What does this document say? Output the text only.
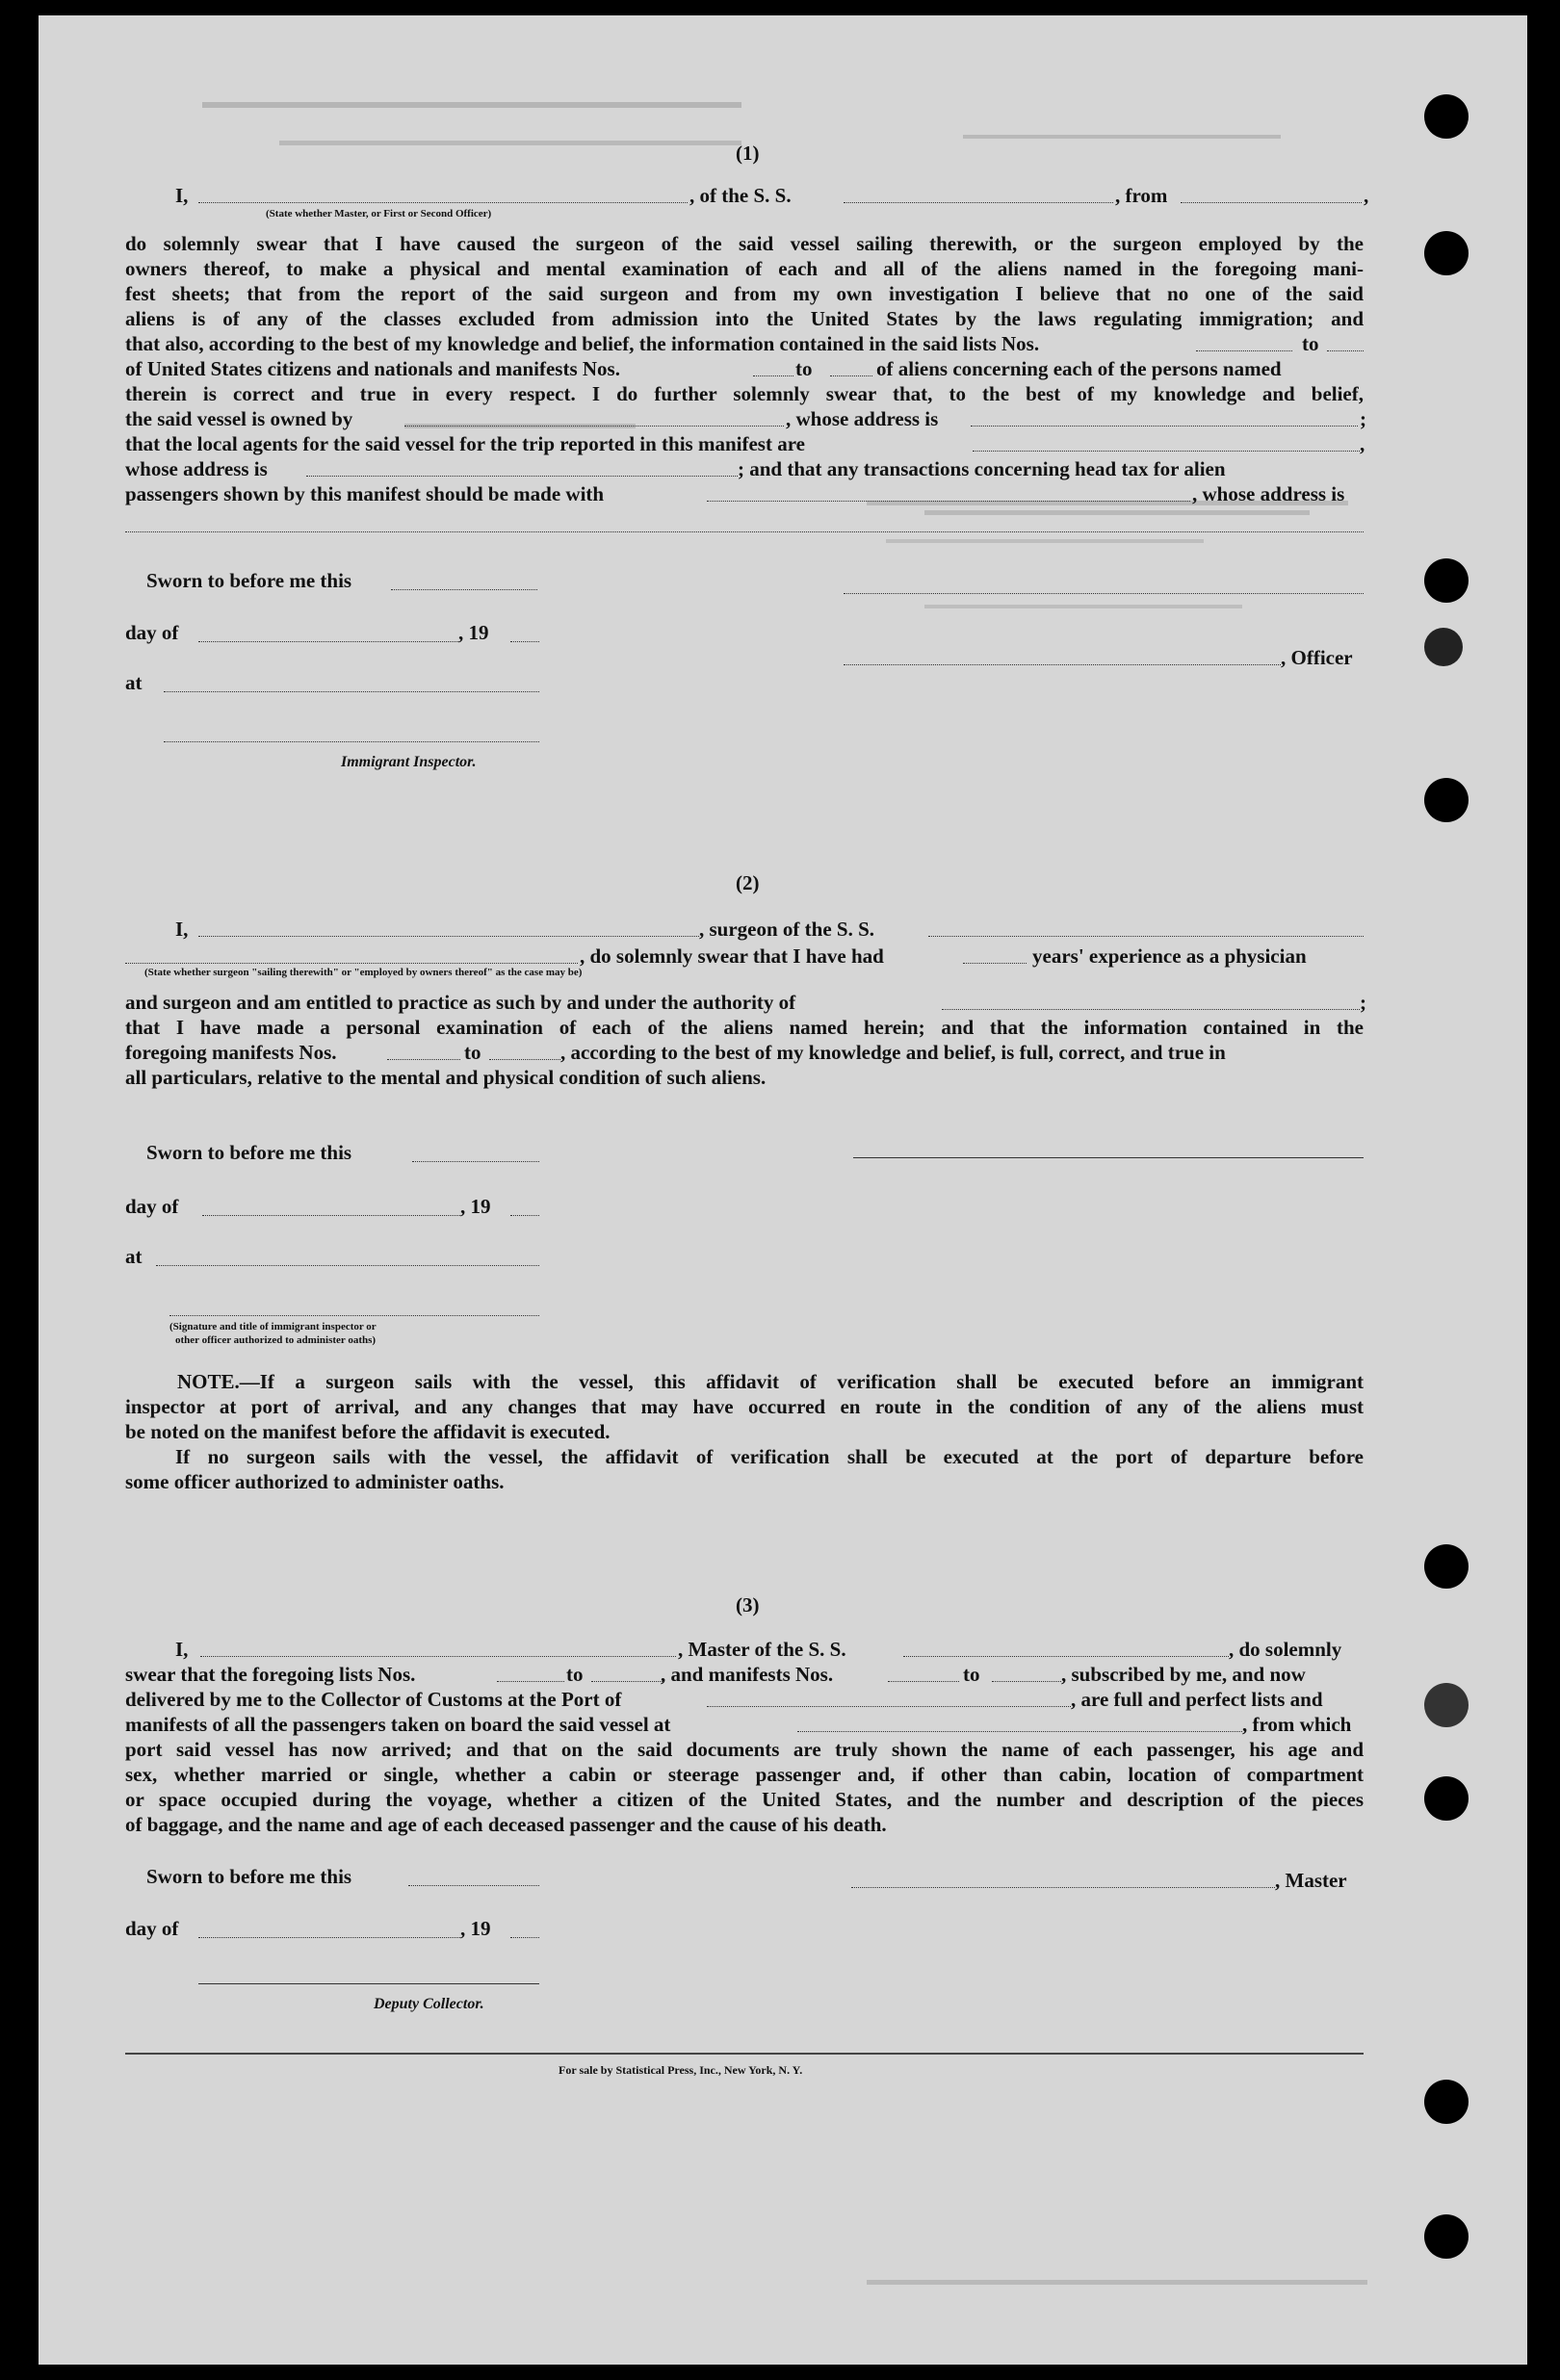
(1)
I,	, of the S. S.	, from	,
(State whether Master, or First or Second Officer)
do solemnly swear that I have caused the surgeon of the said vessel sailing therewith, or the surgeon employed by the
owners thereof, to make a physical and mental examination of each and all of the aliens named in the foregoing mani-
fest sheets; that from the report of the said surgeon and from my own investigation I believe that no one of the said
aliens is of any of the classes excluded from admission into the United States by the laws regulating immigration; and
that also, according to the best of my knowledge and belief, the information contained in the said lists Nos.	to
of United States citizens and nationals and manifests Nos.	to	of aliens concerning each of the persons named
therein is correct and true in every respect. I do further solemnly swear that, to the best of my knowledge and belief,
the said vessel is owned by	, whose address is	;
that the local agents for the said vessel for the trip reported in this manifest are	,
whose address is	; and that any transactions concerning head tax for alien
passengers shown by this manifest should be made with	, whose address is
Sworn to before me this
day of	, 19
at
Immigrant Inspector.
, Officer
(2)
I,	, surgeon of the S. S.
, do solemnly swear that I have had	years' experience as a physician
(State whether surgeon "sailing therewith" or "employed by owners thereof" as the case may be)
and surgeon and am entitled to practice as such by and under the authority of	;
that I have made a personal examination of each of the aliens named herein; and that the information contained in the
foregoing manifests Nos.	to	, according to the best of my knowledge and belief, is full, correct, and true in
all particulars, relative to the mental and physical condition of such aliens.
Sworn to before me this
day of	, 19
at
(Signature and title of immigrant inspector or
other officer authorized to administer oaths)
NOTE.—If a surgeon sails with the vessel, this affidavit of verification shall be executed before an immigrant
inspector at port of arrival, and any changes that may have occurred en route in the condition of any of the aliens must
be noted on the manifest before the affidavit is executed.
If no surgeon sails with the vessel, the affidavit of verification shall be executed at the port of departure before
some officer authorized to administer oaths.
(3)
I,	, Master of the S. S.	, do solemnly
swear that the foregoing lists Nos.	to	, and manifests Nos.	to	, subscribed by me, and now
delivered by me to the Collector of Customs at the Port of	, are full and perfect lists and
manifests of all the passengers taken on board the said vessel at	, from which
port said vessel has now arrived; and that on the said documents are truly shown the name of each passenger, his age and
sex, whether married or single, whether a cabin or steerage passenger and, if other than cabin, location of compartment
or space occupied during the voyage, whether a citizen of the United States, and the number and description of the pieces
of baggage, and the name and age of each deceased passenger and the cause of his death.
Sworn to before me this
day of	, 19
Deputy Collector.
, Master
For sale by Statistical Press, Inc., New York, N. Y.
